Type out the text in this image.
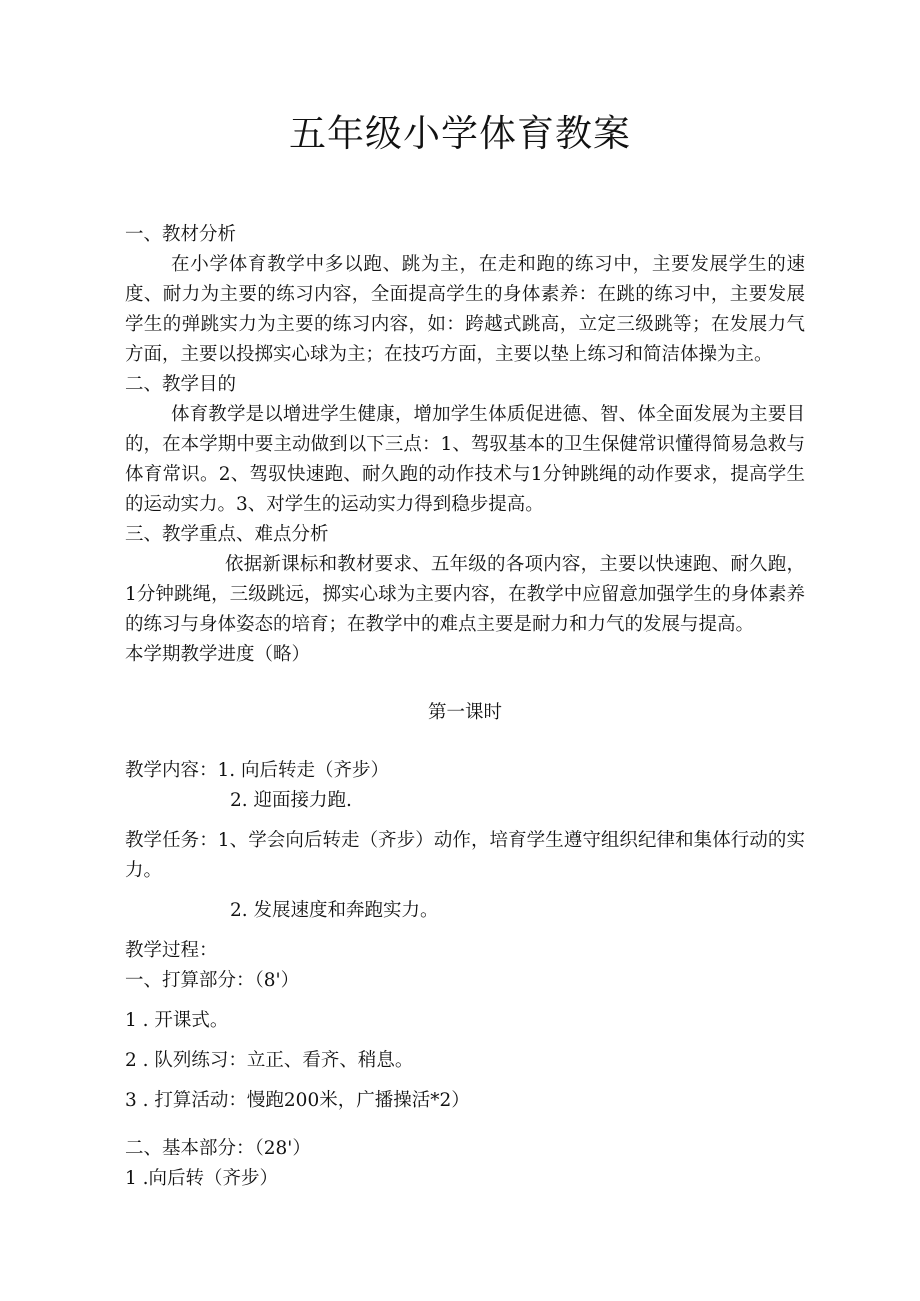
五年级小学体育教案

一、教材分析

在小学体育教学中多以跑、跳为主，在走和跑的练习中，主要发展学生的速度、耐力为主要的练习内容，全面提高学生的身体素养：在跳的练习中，主要发展学生的弹跳实力为主要的练习内容，如：跨越式跳高，立定三级跳等；在发展力气方面，主要以投掷实心球为主；在技巧方面，主要以垫上练习和简洁体操为主。

二、教学目的

体育教学是以增进学生健康，增加学生体质促进德、智、体全面发展为主要目的，在本学期中要主动做到以下三点：1、驾驭基本的卫生保健常识懂得简易急救与体育常识。2、驾驭快速跑、耐久跑的动作技术与1分钟跳绳的动作要求，提高学生的运动实力。3、对学生的运动实力得到稳步提高。

三、教学重点、难点分析

依据新课标和教材要求、五年级的各项内容，主要以快速跑、耐久跑，1分钟跳绳，三级跳远，掷实心球为主要内容，在教学中应留意加强学生的身体素养的练习与身体姿态的培育；在教学中的难点主要是耐力和力气的发展与提高。

本学期教学进度（略）

第一课时

教学内容：1. 向后转走（齐步）

2. 迎面接力跑.

教学任务：1、学会向后转走（齐步）动作，培育学生遵守组织纪律和集体行动的实力。

2. 发展速度和奔跑实力。

教学过程：

一、打算部分：（8'）

1 . 开课式。

2 . 队列练习：立正、看齐、稍息。

3 . 打算活动：慢跑200米，广播操活*2）

二、基本部分：（28'）

1 .向后转（齐步）
